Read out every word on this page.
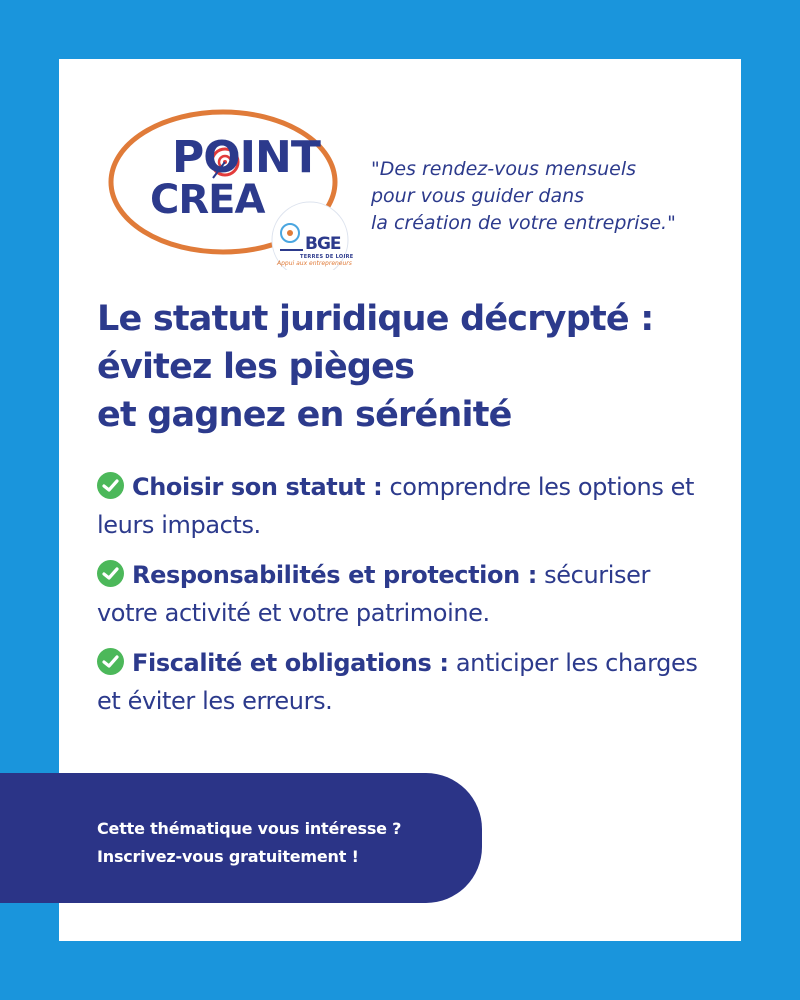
POINT
CREA
BGE
TERRES DE LOIRE
Appui aux entrepreneurs
"Des rendez-vous mensuels
pour vous guider dans
la création de votre entreprise."
Le statut juridique décrypté :
évitez les pièges
et gagnez en sérénité
Choisir son statut : comprendre les options et leurs impacts.
Responsabilités et protection : sécuriser votre activité et votre patrimoine.
Fiscalité et obligations : anticiper les charges et éviter les erreurs.
Cette thématique vous intéresse ?
Inscrivez-vous gratuitement !
